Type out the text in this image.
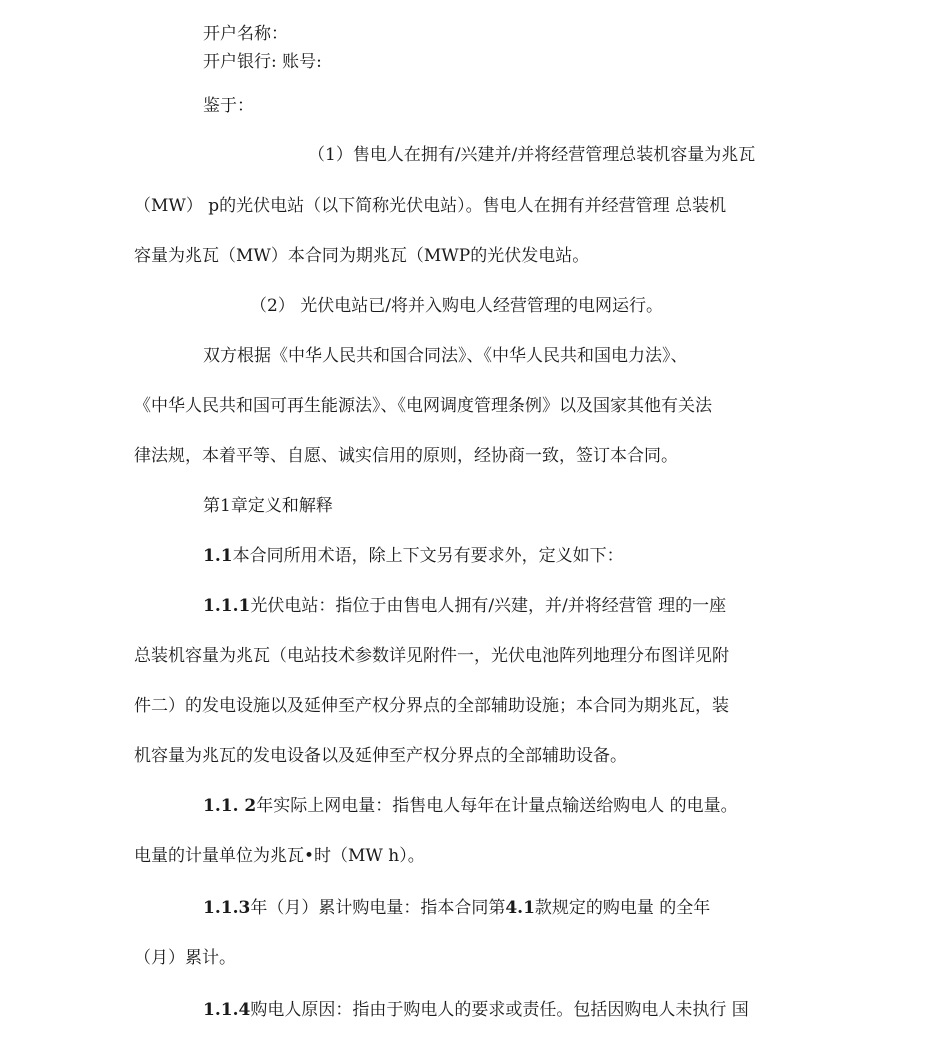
开户名称：
开户银行: 账号:
鉴于：
（1）售电人在拥有/兴建并/并将经营管理总装机容量为兆瓦
（MW） p的光伏电站（以下简称光伏电站）。售电人在拥有并经营管理 总装机
容量为兆瓦（MW）本合同为期兆瓦（MWP的光伏发电站。
（2） 光伏电站已/将并入购电人经营管理的电网运行。
双方根据《中华人民共和国合同法》、《中华人民共和国电力法》、
《中华人民共和国可再生能源法》、《电网调度管理条例》以及国家其他有关法
律法规，本着平等、自愿、诚实信用的原则，经协商一致，签订本合同。
第1章定义和解释
1.1本合同所用术语，除上下文另有要求外，定义如下：
1.1.1光伏电站：指位于由售电人拥有/兴建，并/并将经营管 理的一座
总装机容量为兆瓦（电站技术参数详见附件一，光伏电池阵列地理分布图详见附
件二）的发电设施以及延伸至产权分界点的全部辅助设施；本合同为期兆瓦，装
机容量为兆瓦的发电设备以及延伸至产权分界点的全部辅助设备。
1.1. 2年实际上网电量：指售电人每年在计量点输送给购电人 的电量。
电量的计量单位为兆瓦•时（MW h）。
1.1.3年（月）累计购电量：指本合同第4.1款规定的购电量 的全年
（月）累计。
1.1.4购电人原因：指由于购电人的要求或责任。包括因购电人未执行 国
